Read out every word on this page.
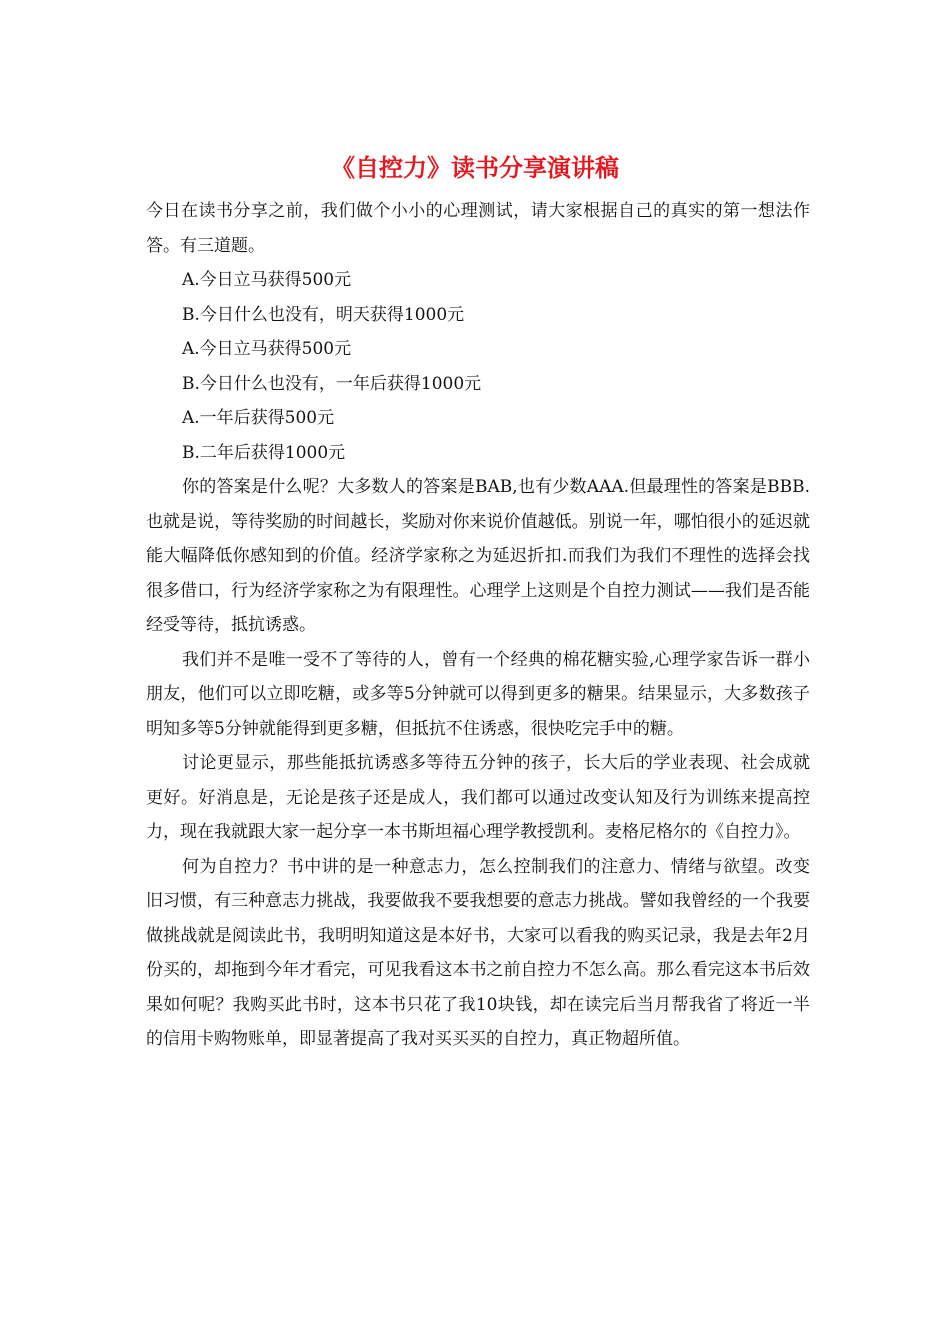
《自控力》读书分享演讲稿

今日在读书分享之前，我们做个小小的心理测试，请大家根据自己的真实的第一想法作答。有三道题。

A.今日立马获得500元

B.今日什么也没有，明天获得1000元

A.今日立马获得500元

B.今日什么也没有，一年后获得1000元

A.一年后获得500元

B.二年后获得1000元

你的答案是什么呢？大多数人的答案是BAB,也有少数AAA.但最理性的答案是BBB.也就是说，等待奖励的时间越长，奖励对你来说价值越低。别说一年，哪怕很小的延迟就能大幅降低你感知到的价值。经济学家称之为延迟折扣.而我们为我们不理性的选择会找很多借口，行为经济学家称之为有限理性。心理学上这则是个自控力测试——我们是否能经受等待，抵抗诱惑。

我们并不是唯一受不了等待的人，曾有一个经典的棉花糖实验,心理学家告诉一群小朋友，他们可以立即吃糖，或多等5分钟就可以得到更多的糖果。结果显示，大多数孩子明知多等5分钟就能得到更多糖，但抵抗不住诱惑，很快吃完手中的糖。

讨论更显示，那些能抵抗诱惑多等待五分钟的孩子，长大后的学业表现、社会成就更好。好消息是，无论是孩子还是成人，我们都可以通过改变认知及行为训练来提高控力，现在我就跟大家一起分享一本书斯坦福心理学教授凯利。麦格尼格尔的《自控力》。

何为自控力？书中讲的是一种意志力，怎么控制我们的注意力、情绪与欲望。改变旧习惯，有三种意志力挑战，我要做我不要我想要的意志力挑战。譬如我曾经的一个我要做挑战就是阅读此书，我明明知道这是本好书，大家可以看我的购买记录，我是去年2月份买的，却拖到今年才看完，可见我看这本书之前自控力不怎么高。那么看完这本书后效果如何呢？我购买此书时，这本书只花了我10块钱，却在读完后当月帮我省了将近一半的信用卡购物账单，即显著提高了我对买买买的自控力，真正物超所值。
